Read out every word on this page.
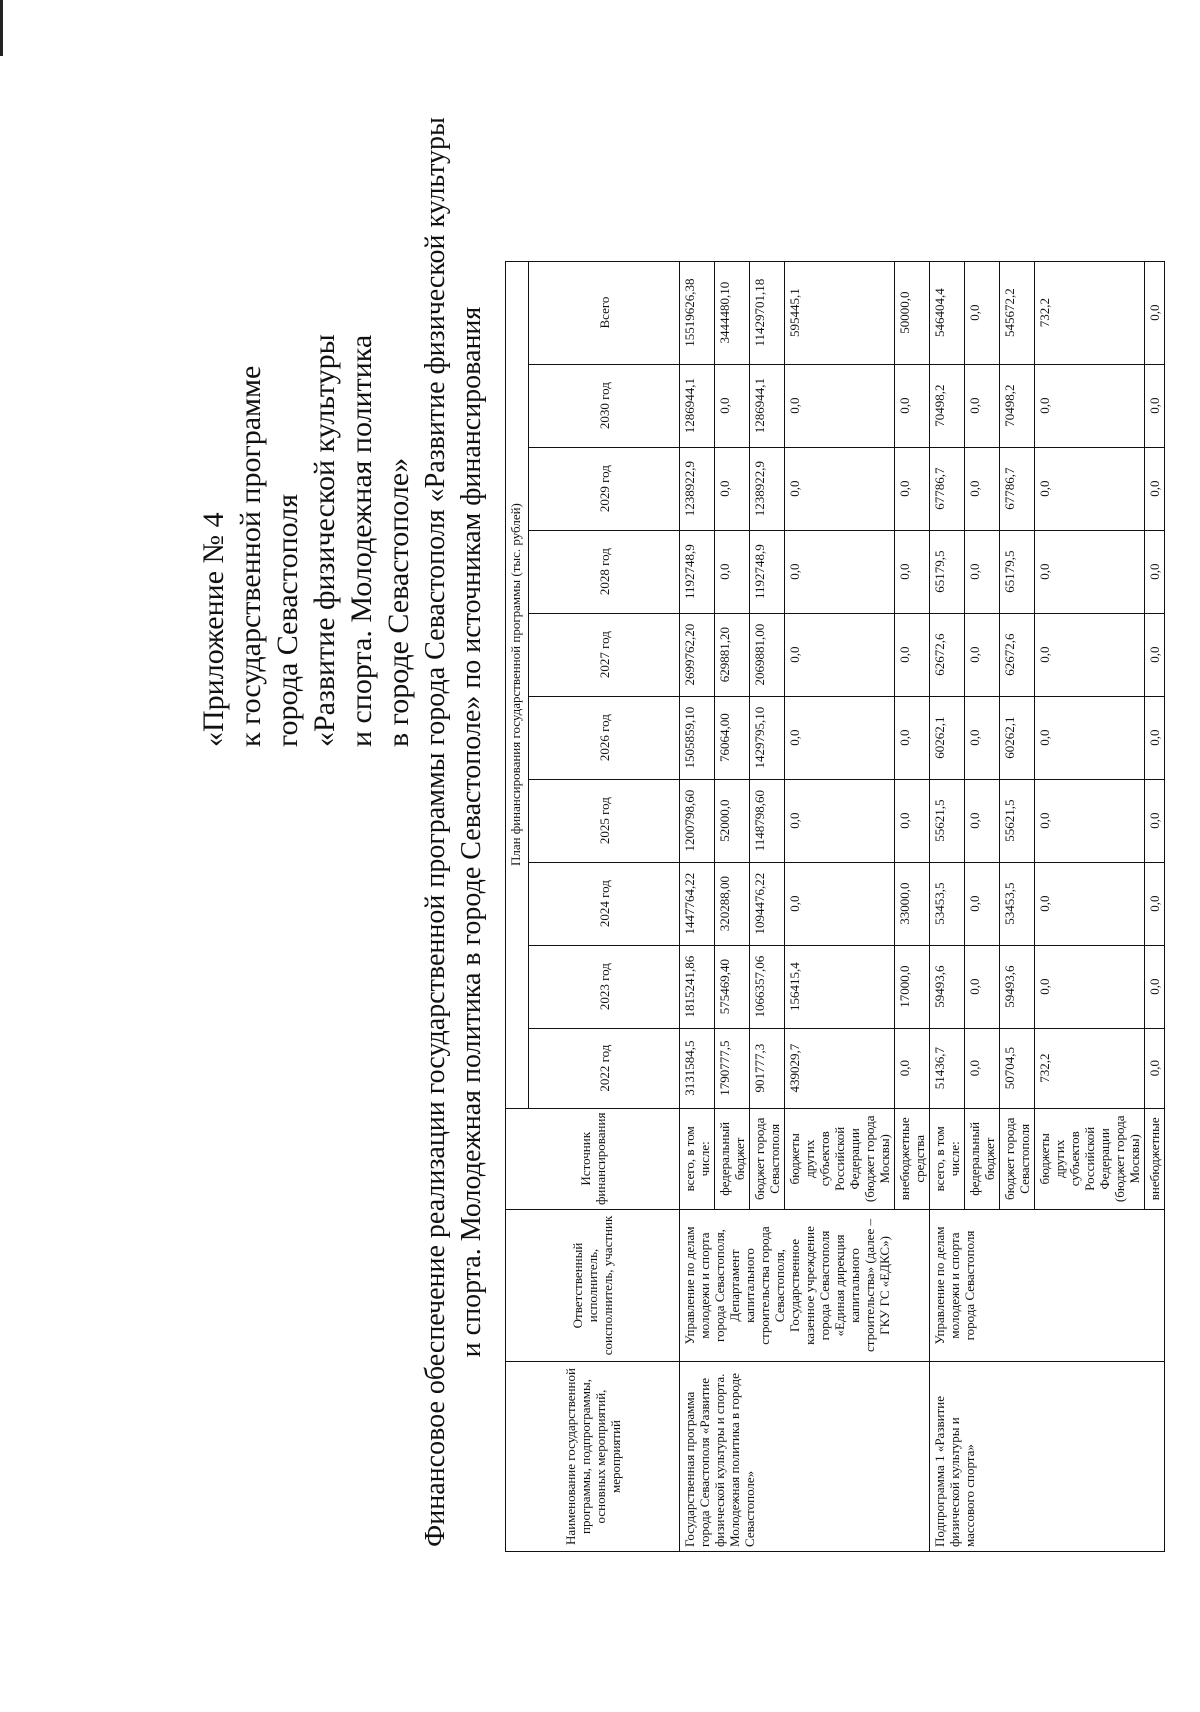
«Приложение № 4 к государственной программе города Севастополя «Развитие физической культуры и спорта. Молодежная политика в городе Севастополе» Финансовое обеспечение реализации государственной программы города Севастополя «Развитие физической культуры и спорта. Молодежная политика в городе Севастополе» по источникам финансирования
Наименование государственной программы, подпрограммы, основных мероприятий, мероприятий	Ответственный исполнитель, соисполнитель, участник	Источник финансирования	План финансирования государственной программы (тыс. рублей)									
			2022 год	2023 год	2024 год	2025 год	2026 год	2027 год	2028 год	2029 год	2030 год	Всего
Государственная программа города Севастополя «Развитие физической культуры и спорта. Молодежная политика в городе Севастополе»	Управление по делам молодежи и спорта города Севастополя, Департамент капитального строительства города Севастополя, Государственное казенное учреждение города Севастополя «Единая дирекция капитального строительства» (далее – ГКУ ГС «ЕДКС»)	всего, в том числе:	3131584,5	1815241,86	1447764,22	1200798,60	1505859,10	2699762,20	1192748,9	1238922,9	1286944,1	15519626,38
		федеральный бюджет	1790777,5	575469,40	320288,00	52000,0	76064,00	629881,20	0,0	0,0	0,0	3444480,10
		бюджет города Севастополя	901777,3	1066357,06	1094476,22	1148798,60	1429795,10	2069881,00	1192748,9	1238922,9	1286944,1	11429701,18
		бюджеты других субъектов Российской Федерации (бюджет города Москвы)	439029,7	156415,4	0,0	0,0	0,0	0,0	0,0	0,0	0,0	595445,1
		внебюджетные средства	0,0	17000,0	33000,0	0,0	0,0	0,0	0,0	0,0	0,0	50000,0
Подпрограмма 1 «Развитие физической культуры и массового спорта»	Управление по делам молодежи и спорта города Севастополя	всего, в том числе:	51436,7	59493,6	53453,5	55621,5	60262,1	62672,6	65179,5	67786,7	70498,2	546404,4
		федеральный бюджет	0,0	0,0	0,0	0,0	0,0	0,0	0,0	0,0	0,0	0,0
		бюджет города Севастополя	50704,5	59493,6	53453,5	55621,5	60262,1	62672,6	65179,5	67786,7	70498,2	545672,2
		бюджеты других субъектов Российской Федерации (бюджет города Москвы)	732,2	0,0	0,0	0,0	0,0	0,0	0,0	0,0	0,0	732,2
		внебюджетные	0,0	0,0	0,0	0,0	0,0	0,0	0,0	0,0	0,0	0,0
